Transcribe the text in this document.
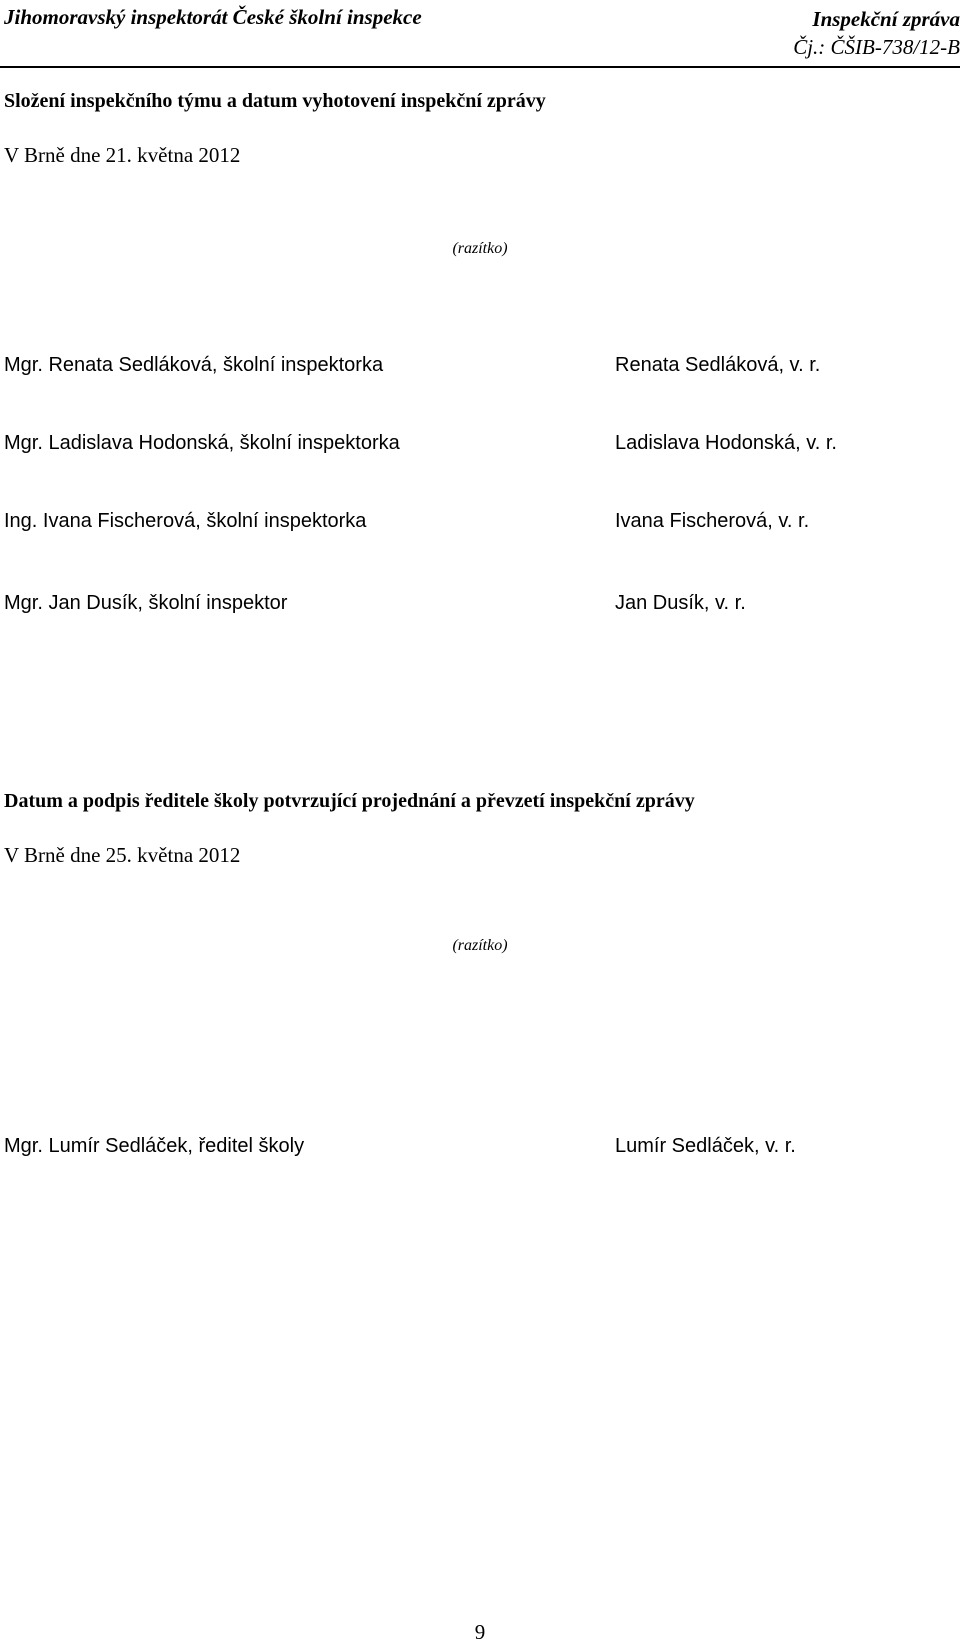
Jihomoravský inspektorát České školní inspekce	Inspekční zpráva
Čj.: ČŠIB-738/12-B
Složení inspekčního týmu a datum vyhotovení inspekční zprávy
V Brně dne 21. května 2012
(razítko)
Mgr. Renata Sedláková, školní inspektorka	Renata Sedláková, v. r.
Mgr. Ladislava Hodonská, školní inspektorka	Ladislava Hodonská, v. r.
Ing. Ivana Fischerová, školní inspektorka	Ivana Fischerová, v. r.
Mgr. Jan Dusík, školní inspektor	Jan Dusík, v. r.
Datum a podpis ředitele školy potvrzující projednání a převzetí inspekční zprávy
V Brně dne 25. května 2012
(razítko)
Mgr. Lumír Sedláček, ředitel školy	Lumír Sedláček, v. r.
9
